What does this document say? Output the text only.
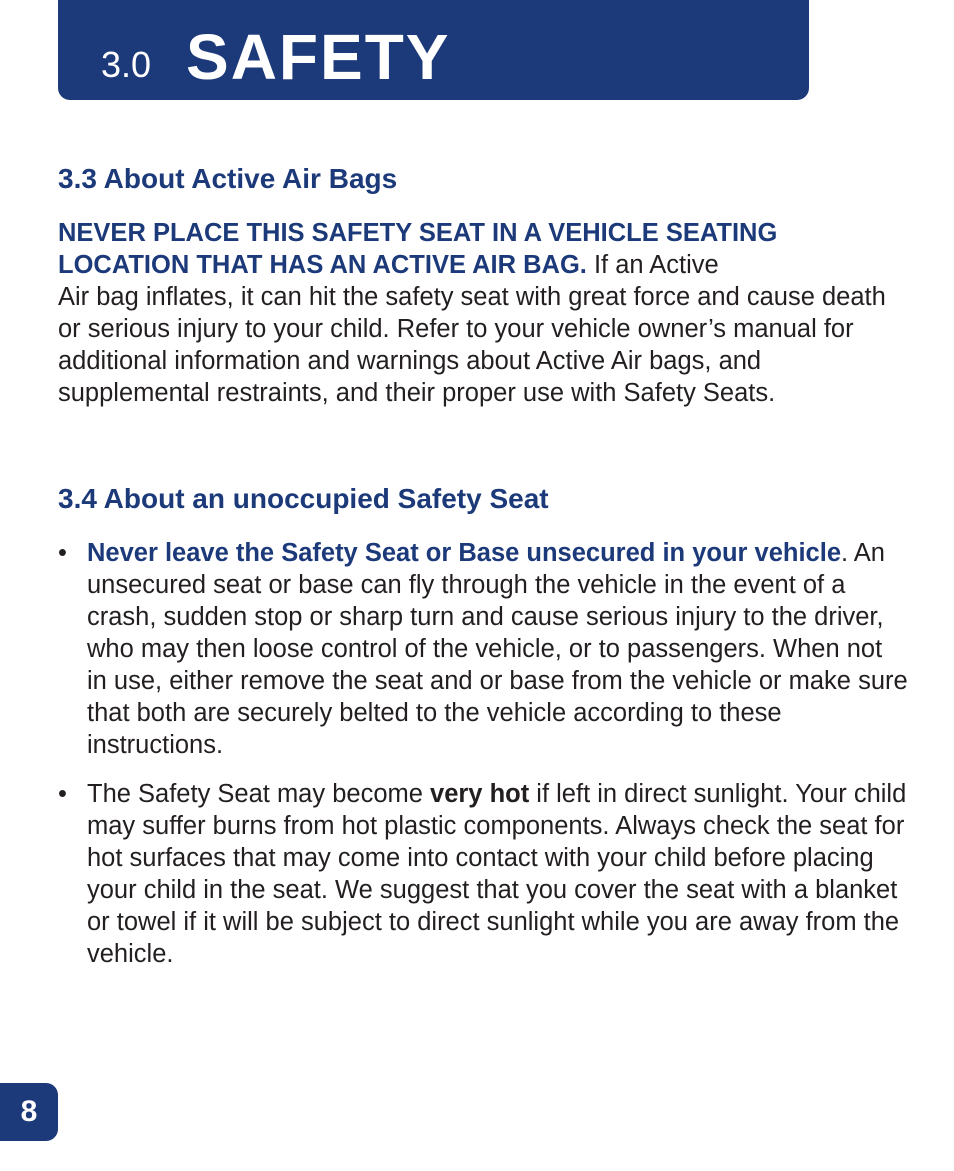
3.0 SAFETY
3.3 About Active Air Bags

NEVER PLACE THIS SAFETY SEAT IN A VEHICLE SEATING
LOCATION THAT HAS AN ACTIVE AIR BAG. If an Active
Air bag inflates, it can hit the safety seat with great force and cause death or serious injury to your child. Refer to your vehicle owner’s manual for additional information and warnings about Active Air bags, and supplemental restraints, and their proper use with Safety Seats.

3.4 About an unoccupied Safety Seat
• Never leave the Safety Seat or Base unsecured in your vehicle. An unsecured seat or base can fly through the vehicle in the event of a crash, sudden stop or sharp turn and cause serious injury to the driver, who may then loose control of the vehicle, or to passengers. When not in use, either remove the seat and or base from the vehicle or make sure that both are securely belted to the vehicle according to these instructions.
• The Safety Seat may become very hot if left in direct sunlight. Your child may suffer burns from hot plastic components. Always check the seat for hot surfaces that may come into contact with your child before placing your child in the seat. We suggest that you cover the seat with a blanket or towel if it will be subject to direct sunlight while you are away from the vehicle.
8
